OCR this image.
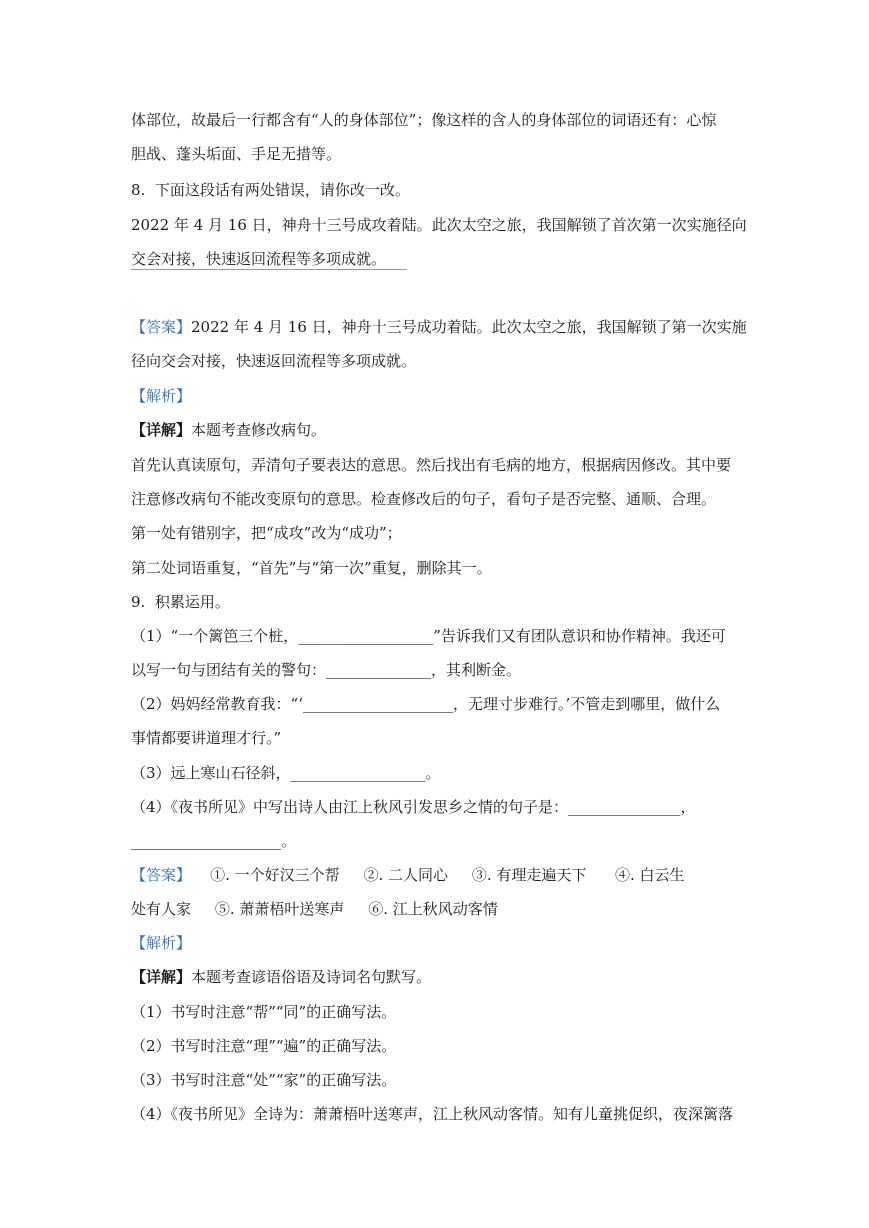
体部位，故最后一行都含有“人的身体部位”；像这样的含人的身体部位的词语还有：心惊
胆战、蓬头垢面、手足无措等。
8.  下面这段话有两处错误，请你改一改。
2022 年 4 月 16 日，神舟十三号成攻着陆。此次太空之旅，我国解锁了首次第一次实施径向
交会对接，快速返回流程等多项成就。
【答案】2022 年 4 月 16 日，神舟十三号成功着陆。此次太空之旅，我国解锁了第一次实施
径向交会对接，快速返回流程等多项成就。
【解析】
【详解】本题考查修改病句。
首先认真读原句，弄清句子要表达的意思。然后找出有毛病的地方，根据病因修改。其中要
注意修改病句不能改变原句的意思。检查修改后的句子，看句子是否完整、通顺、合理。
第一处有错别字，把“成攻”改为“成功”；
第二处词语重复，“首先”与“第一次”重复，删除其一。
9.  积累运用。
（1）“一个篱笆三个桩，__________________”告诉我们又有团队意识和协作精神。我还可
以写一句与团结有关的警句：______________，其利断金。
（2）妈妈经常教育我：“‘____________________，无理寸步难行。’不管走到哪里，做什么
事情都要讲道理才行。”
（3）远上寒山石径斜，__________________。
（4）《夜书所见》中写出诗人由江上秋风引发思乡之情的句子是：_______________，
____________________。
【答案】    ①. 一个好汉三个帮     ②. 二人同心     ③. 有理走遍天下      ④. 白云生
处有人家     ⑤. 萧萧梧叶送寒声     ⑥. 江上秋风动客情
【解析】
【详解】本题考查谚语俗语及诗词名句默写。
（1）书写时注意“帮”“同”的正确写法。
（2）书写时注意“理”“遍”的正确写法。
（3）书写时注意“处”“家”的正确写法。
（4）《夜书所见》全诗为：萧萧梧叶送寒声，江上秋风动客情。知有儿童挑促织，夜深篱落
